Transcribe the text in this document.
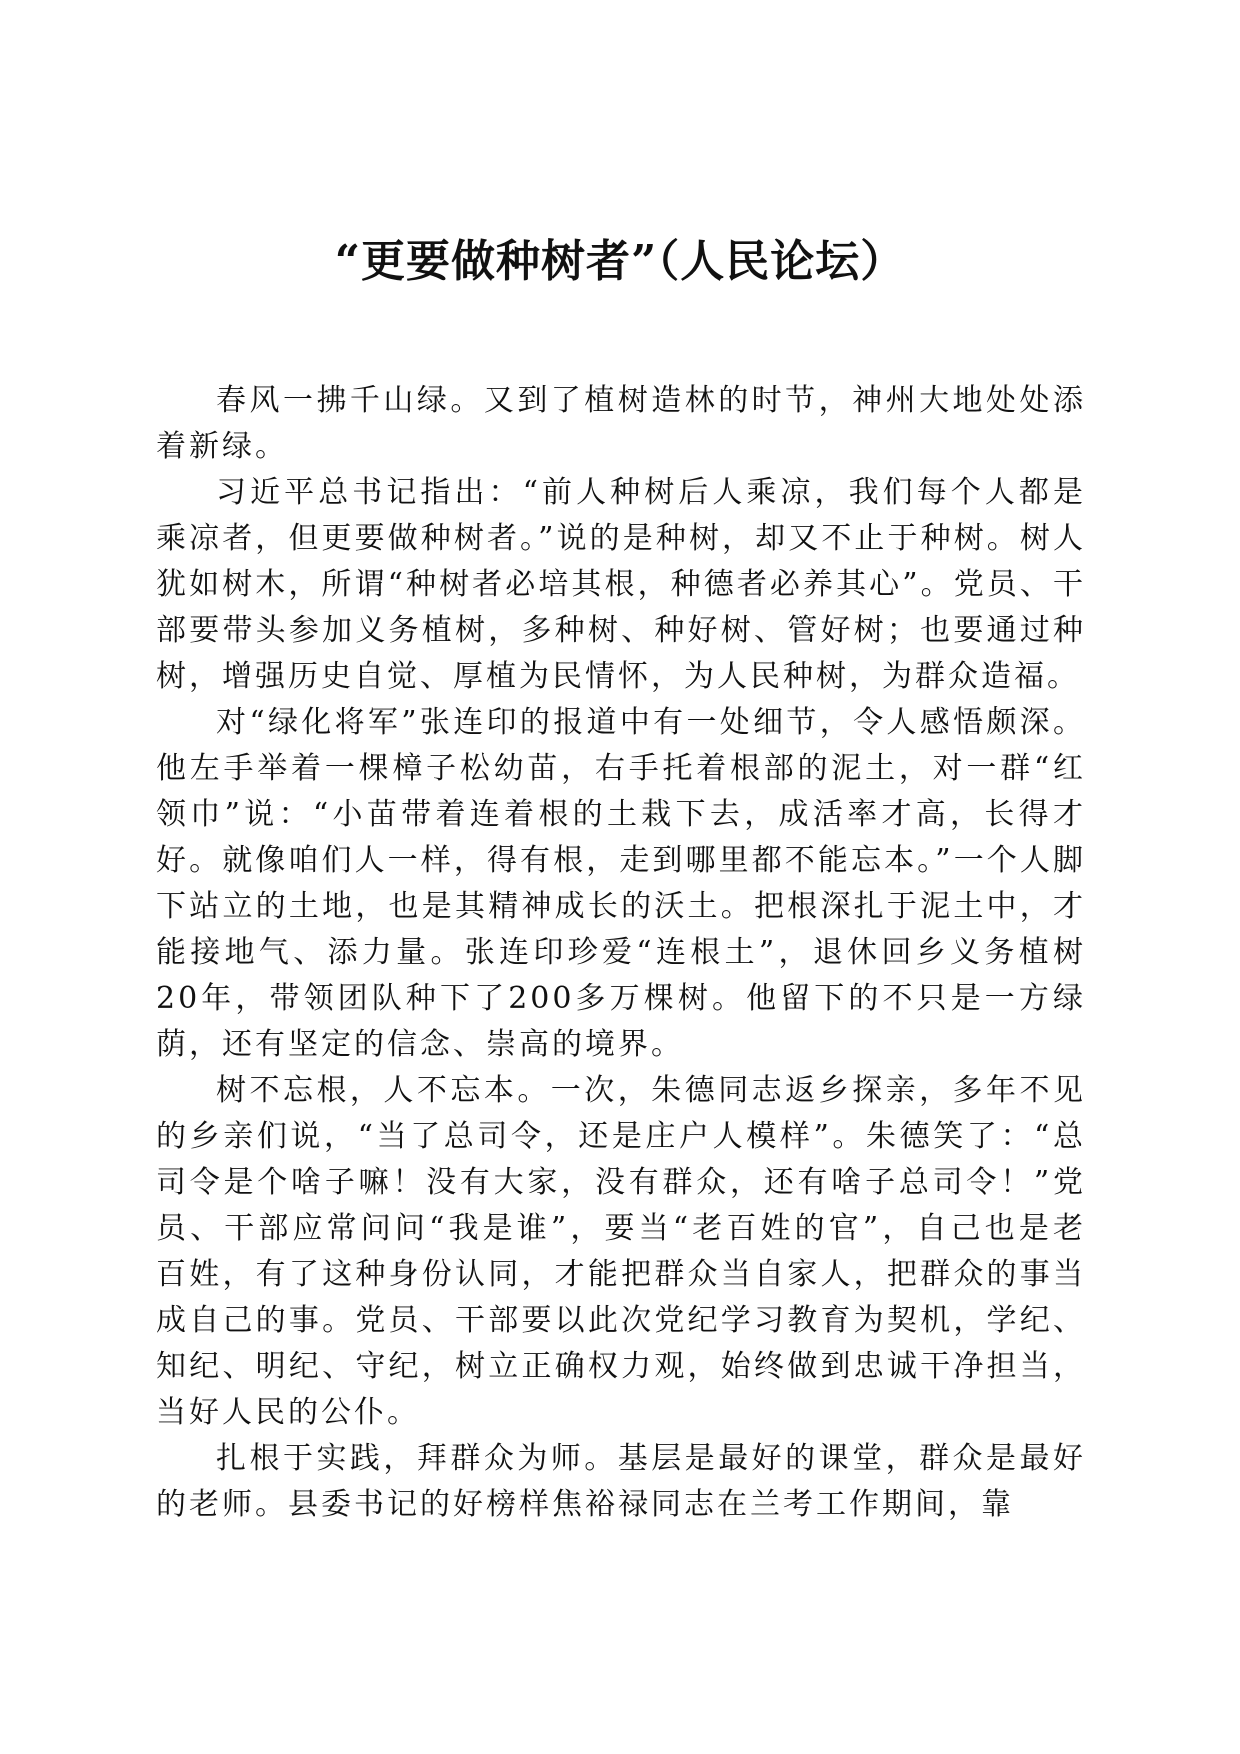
“更要做种树者”（人民论坛）

春风一拂千山绿。又到了植树造林的时节，神州大地处处添着新绿。

习近平总书记指出：“前人种树后人乘凉，我们每个人都是乘凉者，但更要做种树者。”说的是种树，却又不止于种树。树人犹如树木，所谓“种树者必培其根，种德者必养其心”。党员、干部要带头参加义务植树，多种树、种好树、管好树；也要通过种树，增强历史自觉、厚植为民情怀，为人民种树，为群众造福。

对“绿化将军”张连印的报道中有一处细节，令人感悟颇深。他左手举着一棵樟子松幼苗，右手托着根部的泥土，对一群“红领巾”说：“小苗带着连着根的土栽下去，成活率才高，长得才好。就像咱们人一样，得有根，走到哪里都不能忘本。”一个人脚下站立的土地，也是其精神成长的沃土。把根深扎于泥土中，才能接地气、添力量。张连印珍爱“连根土”，退休回乡义务植树20年，带领团队种下了200多万棵树。他留下的不只是一方绿荫，还有坚定的信念、崇高的境界。

树不忘根，人不忘本。一次，朱德同志返乡探亲，多年不见的乡亲们说，“当了总司令，还是庄户人模样”。朱德笑了：“总司令是个啥子嘛！没有大家，没有群众，还有啥子总司令！”党员、干部应常问问“我是谁”，要当“老百姓的官”，自己也是老百姓，有了这种身份认同，才能把群众当自家人，把群众的事当成自己的事。党员、干部要以此次党纪学习教育为契机，学纪、知纪、明纪、守纪，树立正确权力观，始终做到忠诚干净担当，当好人民的公仆。

扎根于实践，拜群众为师。基层是最好的课堂，群众是最好的老师。县委书记的好榜样焦裕禄同志在兰考工作期间，靠
